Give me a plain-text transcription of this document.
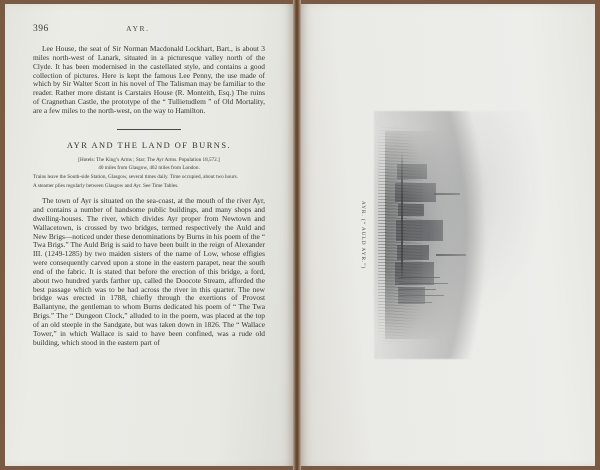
396	AYR.

Lee House, the seat of Sir Norman Macdonald Lockhart, Bart., is about 3 miles north-west of Lanark, situated in a picturesque valley north of the Clyde. It has been modernised in the castellated style, and contains a good collection of pictures. Here is kept the famous Lee Penny, the use made of which by Sir Walter Scott in his novel of The Talisman may be familiar to the reader. Rather more distant is Carstairs House (R. Monteith, Esq.) The ruins of Cragnethan Castle, the prototype of the “ Tullietudlem ” of Old Mortality, are a few miles to the north-west, on the way to Hamilton.

AYR AND THE LAND OF BURNS.
[Hotels: The King’s Arms ; Star; The Ayr Arms. Population 18,572.]
40 miles from Glasgow, 402 miles from London.
Trains leave the South-side Station, Glasgow, several times daily. Time occupied, about two hours.
A steamer plies regularly between Glasgow and Ayr. See Time Tables.

The town of Ayr is situated on the sea-coast, at the mouth of the river Ayr, and contains a number of handsome public buildings, and many shops and dwelling-houses. The river, which divides Ayr proper from Newtown and Wallacetown, is crossed by two bridges, termed respectively the Auld and New Brigs—noticed under these denominations by Burns in his poem of the “ Twa Brigs.” The Auld Brig is said to have been built in the reign of Alexander III. (1249-1285) by two maiden sisters of the name of Low, whose effigies were consequently carved upon a stone in the eastern parapet, near the south end of the fabric. It is stated that before the erection of this bridge, a ford, about two hundred yards farther up, called the Doocote Stream, afforded the best passage which was to be had across the river in this quarter. The new bridge was erected in 1788, chiefly through the exertions of Provost Ballantyne, the gentleman to whom Burns dedicated his poem of “ The Twa Brigs.” The “ Dungeon Clock,” alluded to in the poem, was placed at the top of an old steeple in the Sandgate, but was taken down in 1826. The “ Wallace Tower,” in which Wallace is said to have been confined, was a rude old building, which stood in the eastern part of

AYR. (“ AULD AYR.”)
